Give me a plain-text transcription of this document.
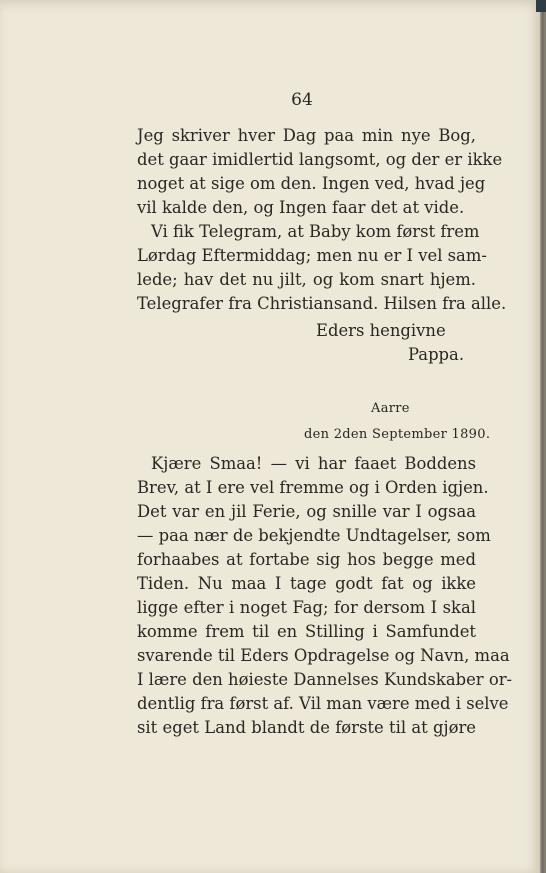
64
Jeg skriver hver Dag paa min nye Bog,
det gaar imidlertid langsomt, og der er ikke
noget at sige om den. Ingen ved, hvad jeg
vil kalde den, og Ingen faar det at vide.
Vi fik Telegram, at Baby kom først frem
Lørdag Eftermiddag; men nu er I vel sam-
lede; hav det nu jilt, og kom snart hjem.
Telegrafer fra Christiansand. Hilsen fra alle.
Eders hengivne
Pappa.
Aarre
den 2den September 1890.
Kjære Smaa! — vi har faaet Boddens
Brev, at I ere vel fremme og i Orden igjen.
Det var en jil Ferie, og snille var I ogsaa
— paa nær de bekjendte Undtagelser, som
forhaabes at fortabe sig hos begge med
Tiden. Nu maa I tage godt fat og ikke
ligge efter i noget Fag; for dersom I skal
komme frem til en Stilling i Samfundet
svarende til Eders Opdragelse og Navn, maa
I lære den høieste Dannelses Kundskaber or-
dentlig fra først af. Vil man være med i selve
sit eget Land blandt de første til at gjøre
